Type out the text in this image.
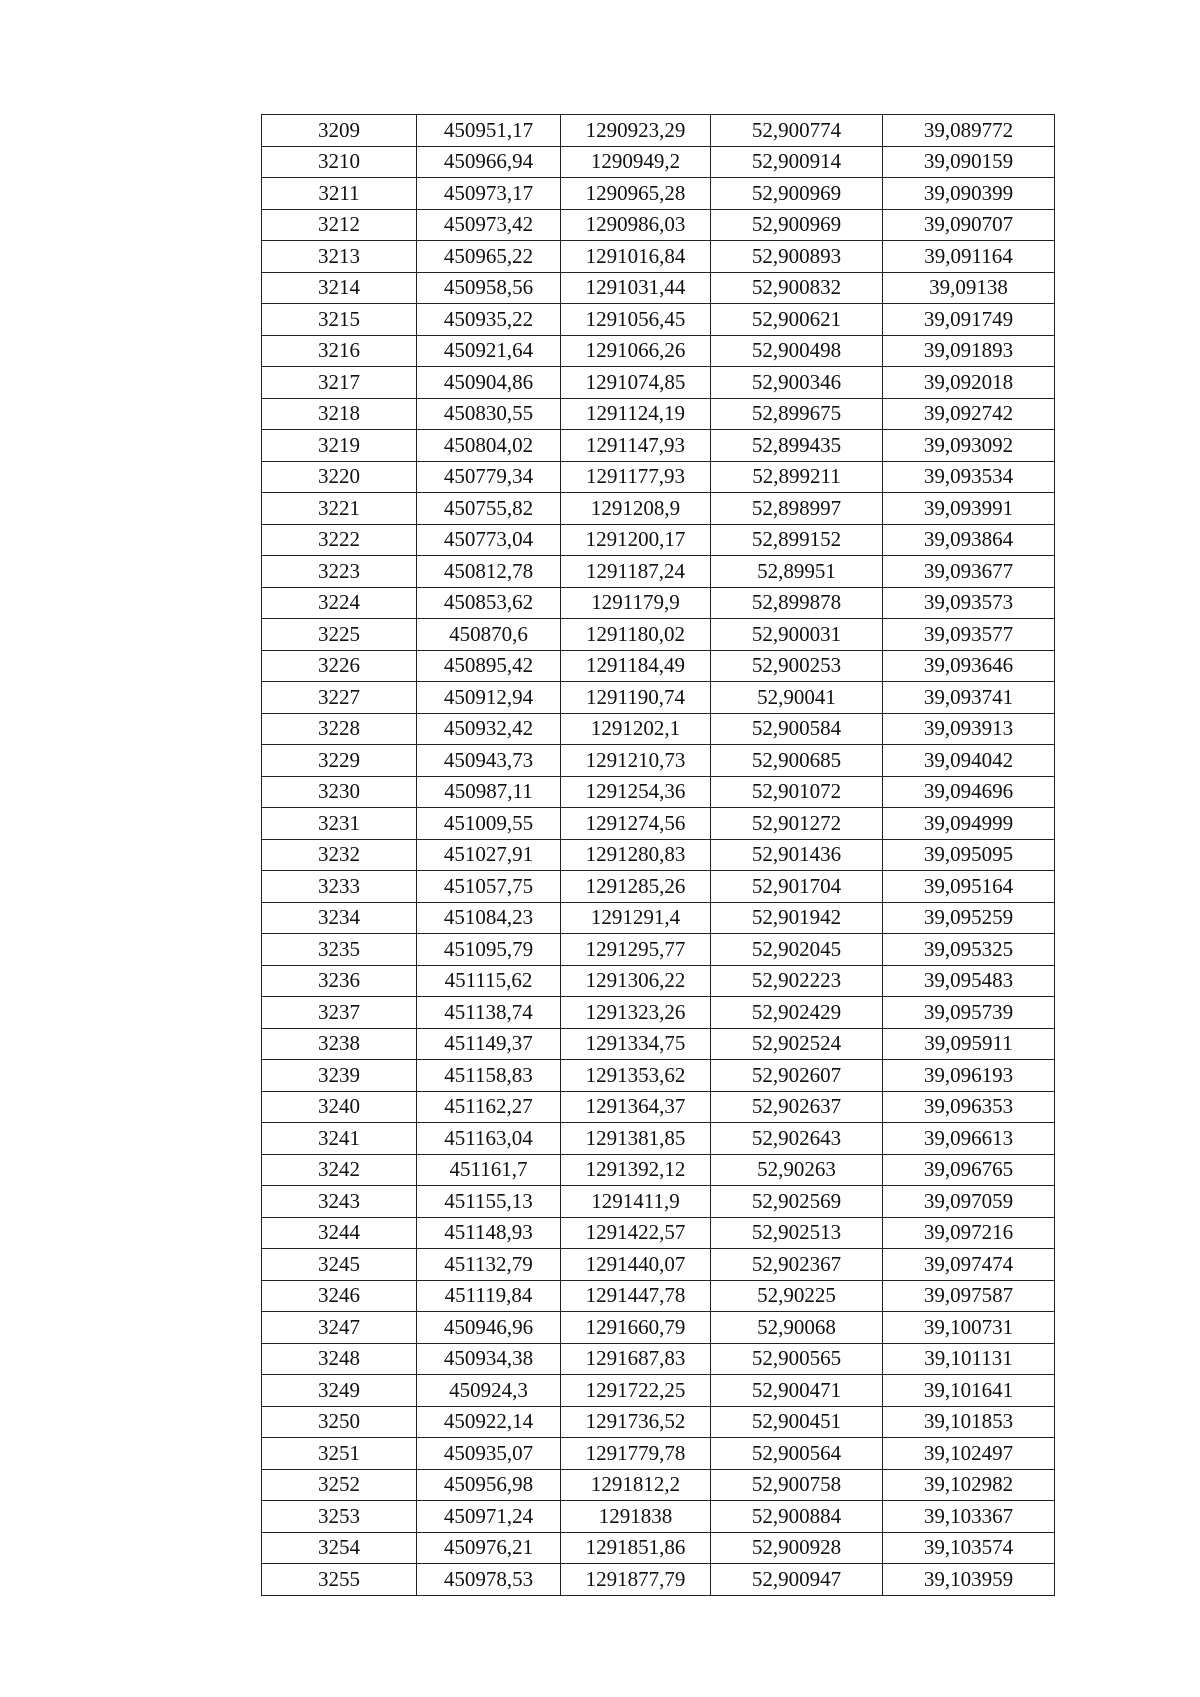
3209	450951,17	1290923,29	52,900774	39,089772
3210	450966,94	1290949,2	52,900914	39,090159
3211	450973,17	1290965,28	52,900969	39,090399
3212	450973,42	1290986,03	52,900969	39,090707
3213	450965,22	1291016,84	52,900893	39,091164
3214	450958,56	1291031,44	52,900832	39,09138
3215	450935,22	1291056,45	52,900621	39,091749
3216	450921,64	1291066,26	52,900498	39,091893
3217	450904,86	1291074,85	52,900346	39,092018
3218	450830,55	1291124,19	52,899675	39,092742
3219	450804,02	1291147,93	52,899435	39,093092
3220	450779,34	1291177,93	52,899211	39,093534
3221	450755,82	1291208,9	52,898997	39,093991
3222	450773,04	1291200,17	52,899152	39,093864
3223	450812,78	1291187,24	52,89951	39,093677
3224	450853,62	1291179,9	52,899878	39,093573
3225	450870,6	1291180,02	52,900031	39,093577
3226	450895,42	1291184,49	52,900253	39,093646
3227	450912,94	1291190,74	52,90041	39,093741
3228	450932,42	1291202,1	52,900584	39,093913
3229	450943,73	1291210,73	52,900685	39,094042
3230	450987,11	1291254,36	52,901072	39,094696
3231	451009,55	1291274,56	52,901272	39,094999
3232	451027,91	1291280,83	52,901436	39,095095
3233	451057,75	1291285,26	52,901704	39,095164
3234	451084,23	1291291,4	52,901942	39,095259
3235	451095,79	1291295,77	52,902045	39,095325
3236	451115,62	1291306,22	52,902223	39,095483
3237	451138,74	1291323,26	52,902429	39,095739
3238	451149,37	1291334,75	52,902524	39,095911
3239	451158,83	1291353,62	52,902607	39,096193
3240	451162,27	1291364,37	52,902637	39,096353
3241	451163,04	1291381,85	52,902643	39,096613
3242	451161,7	1291392,12	52,90263	39,096765
3243	451155,13	1291411,9	52,902569	39,097059
3244	451148,93	1291422,57	52,902513	39,097216
3245	451132,79	1291440,07	52,902367	39,097474
3246	451119,84	1291447,78	52,90225	39,097587
3247	450946,96	1291660,79	52,90068	39,100731
3248	450934,38	1291687,83	52,900565	39,101131
3249	450924,3	1291722,25	52,900471	39,101641
3250	450922,14	1291736,52	52,900451	39,101853
3251	450935,07	1291779,78	52,900564	39,102497
3252	450956,98	1291812,2	52,900758	39,102982
3253	450971,24	1291838	52,900884	39,103367
3254	450976,21	1291851,86	52,900928	39,103574
3255	450978,53	1291877,79	52,900947	39,103959
